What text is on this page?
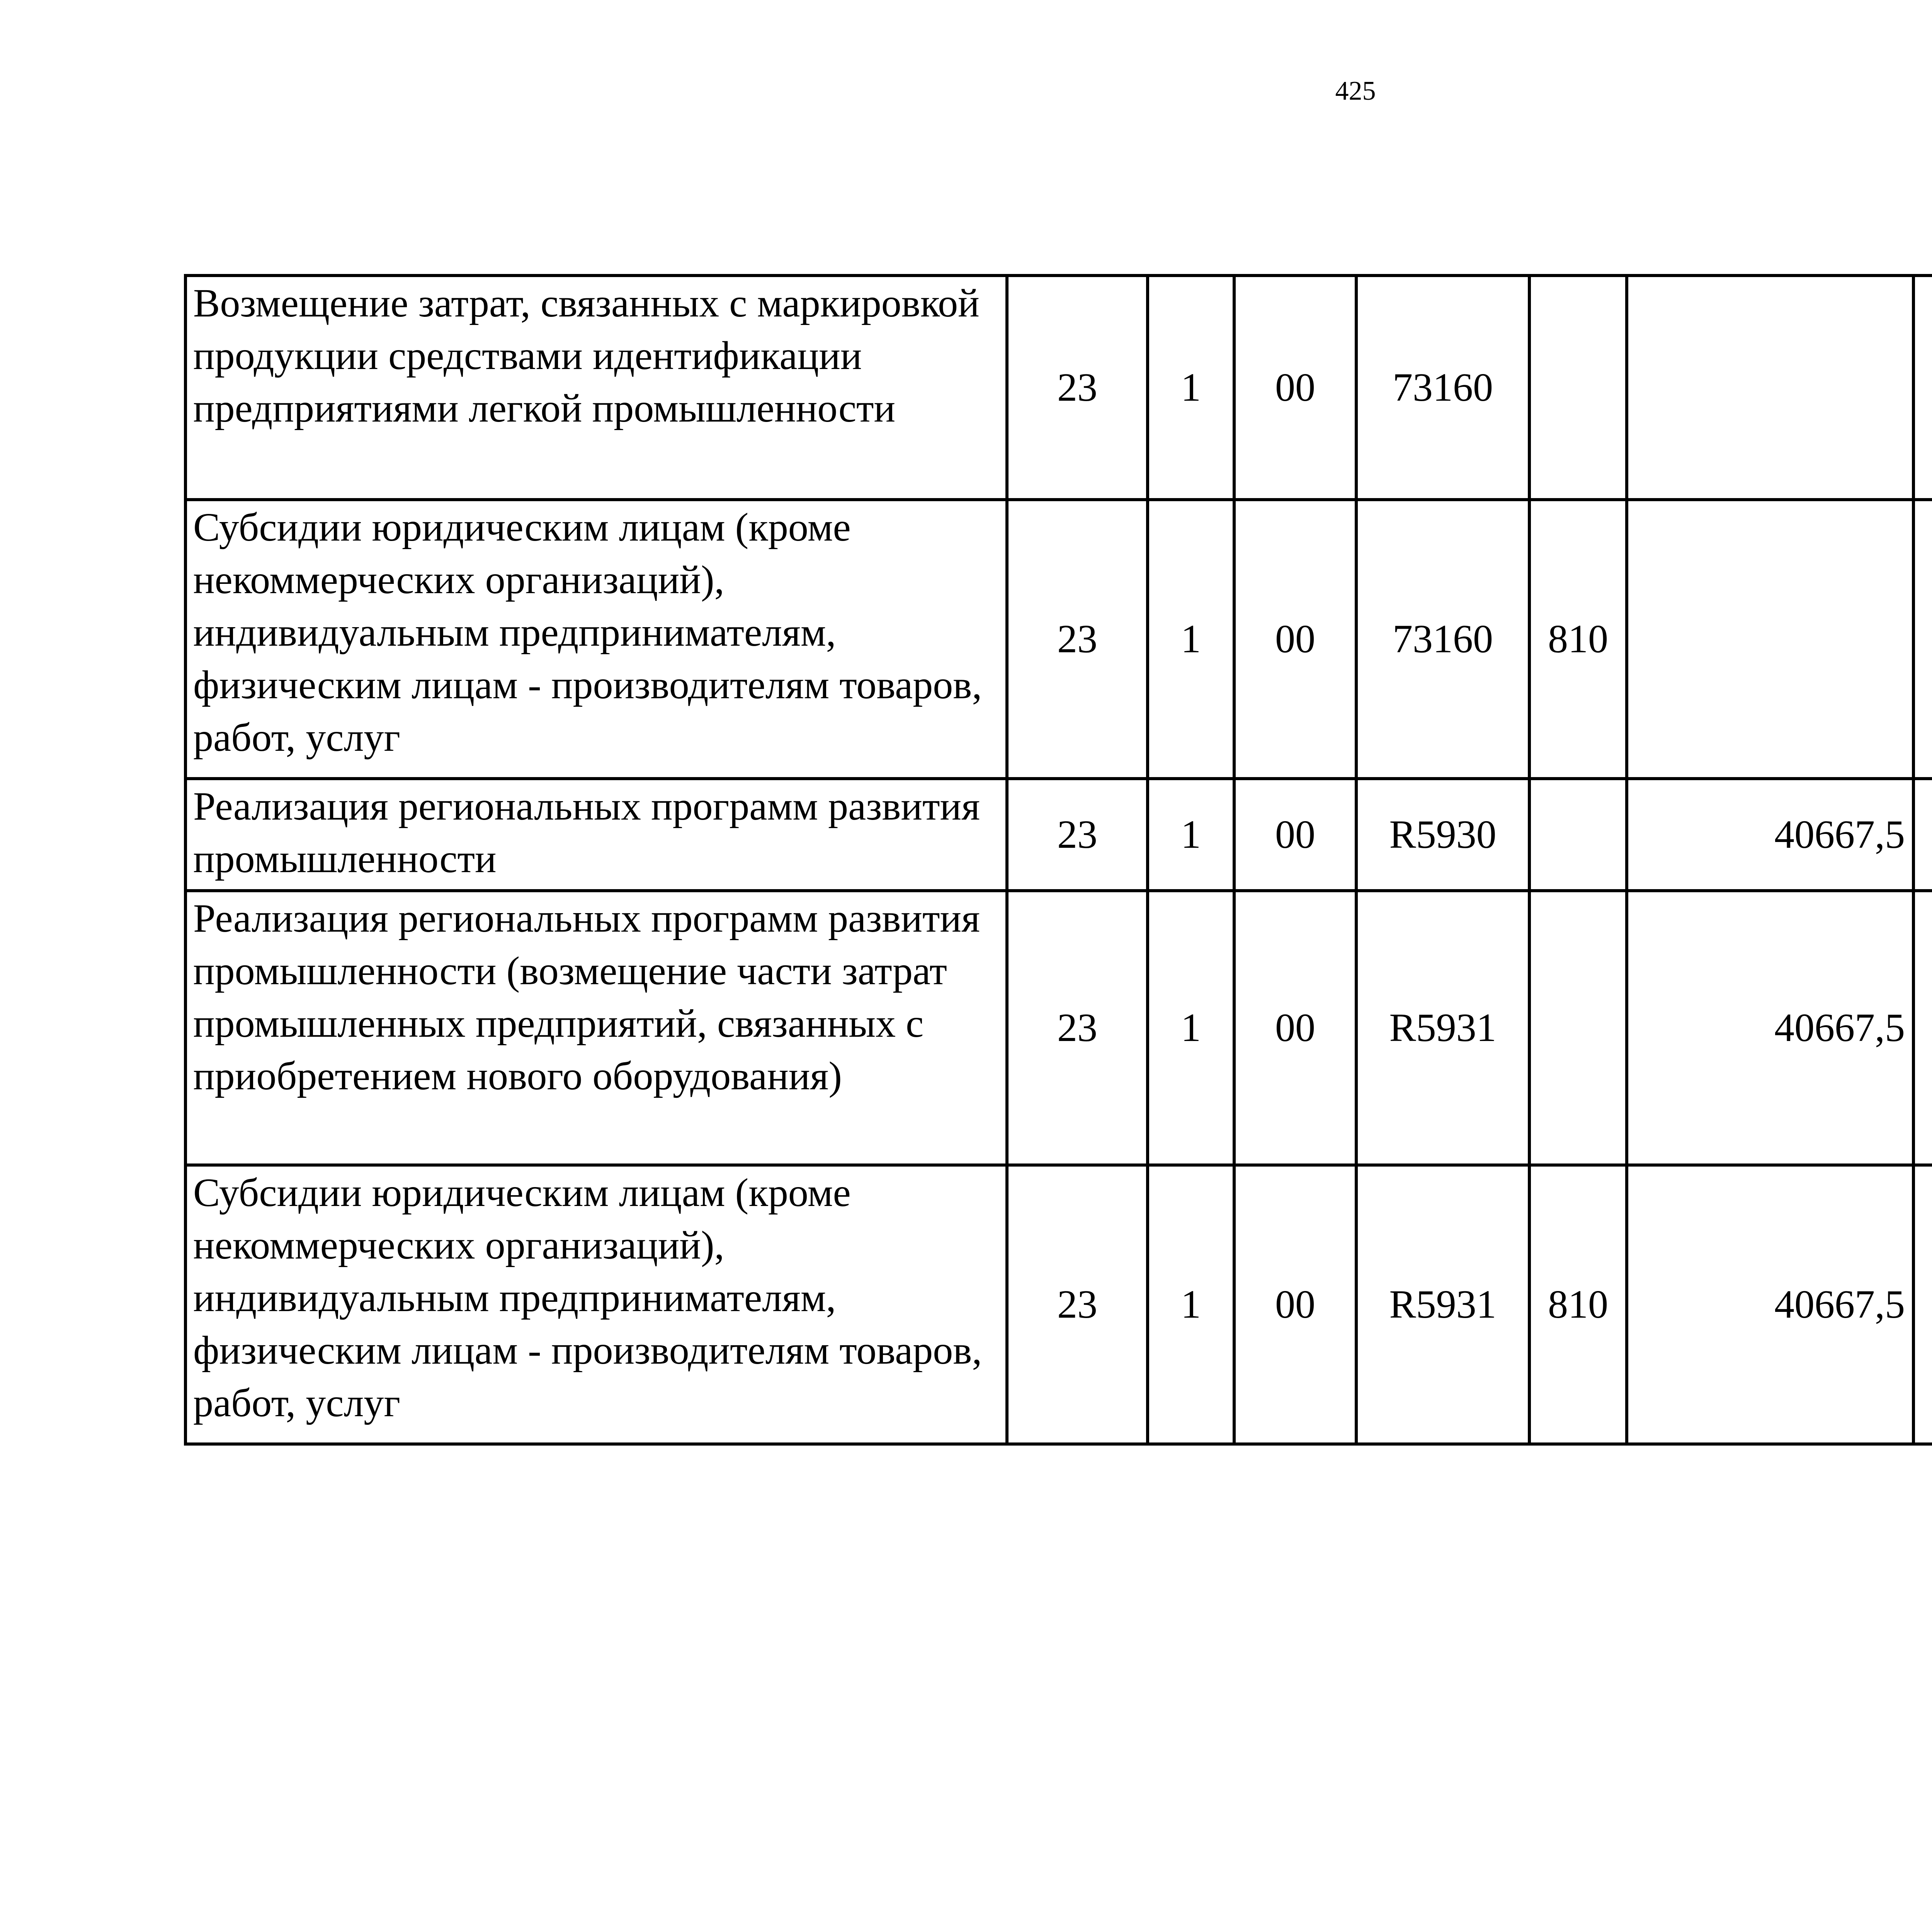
425
Возмещение затрат, связанных с маркировкой продукции средствами идентификации предприятиями легкой промышленности	23	1	00	73160				
Субсидии юридическим лицам (кроме некоммерческих организаций), индивидуальным предпринимателям, физическим лицам - производителям товаров, работ, услуг	23	1	00	73160	810			
Реализация региональных программ развития промышленности	23	1	00	R5930		40667,5		
Реализация региональных программ развития промышленности (возмещение части затрат промышленных предприятий, связанных с приобретением нового оборудования)	23	1	00	R5931		40667,5		
Субсидии юридическим лицам (кроме некоммерческих организаций), индивидуальным предпринимателям, физическим лицам - производителям товаров, работ, услуг	23	1	00	R5931	810	40667,5		
